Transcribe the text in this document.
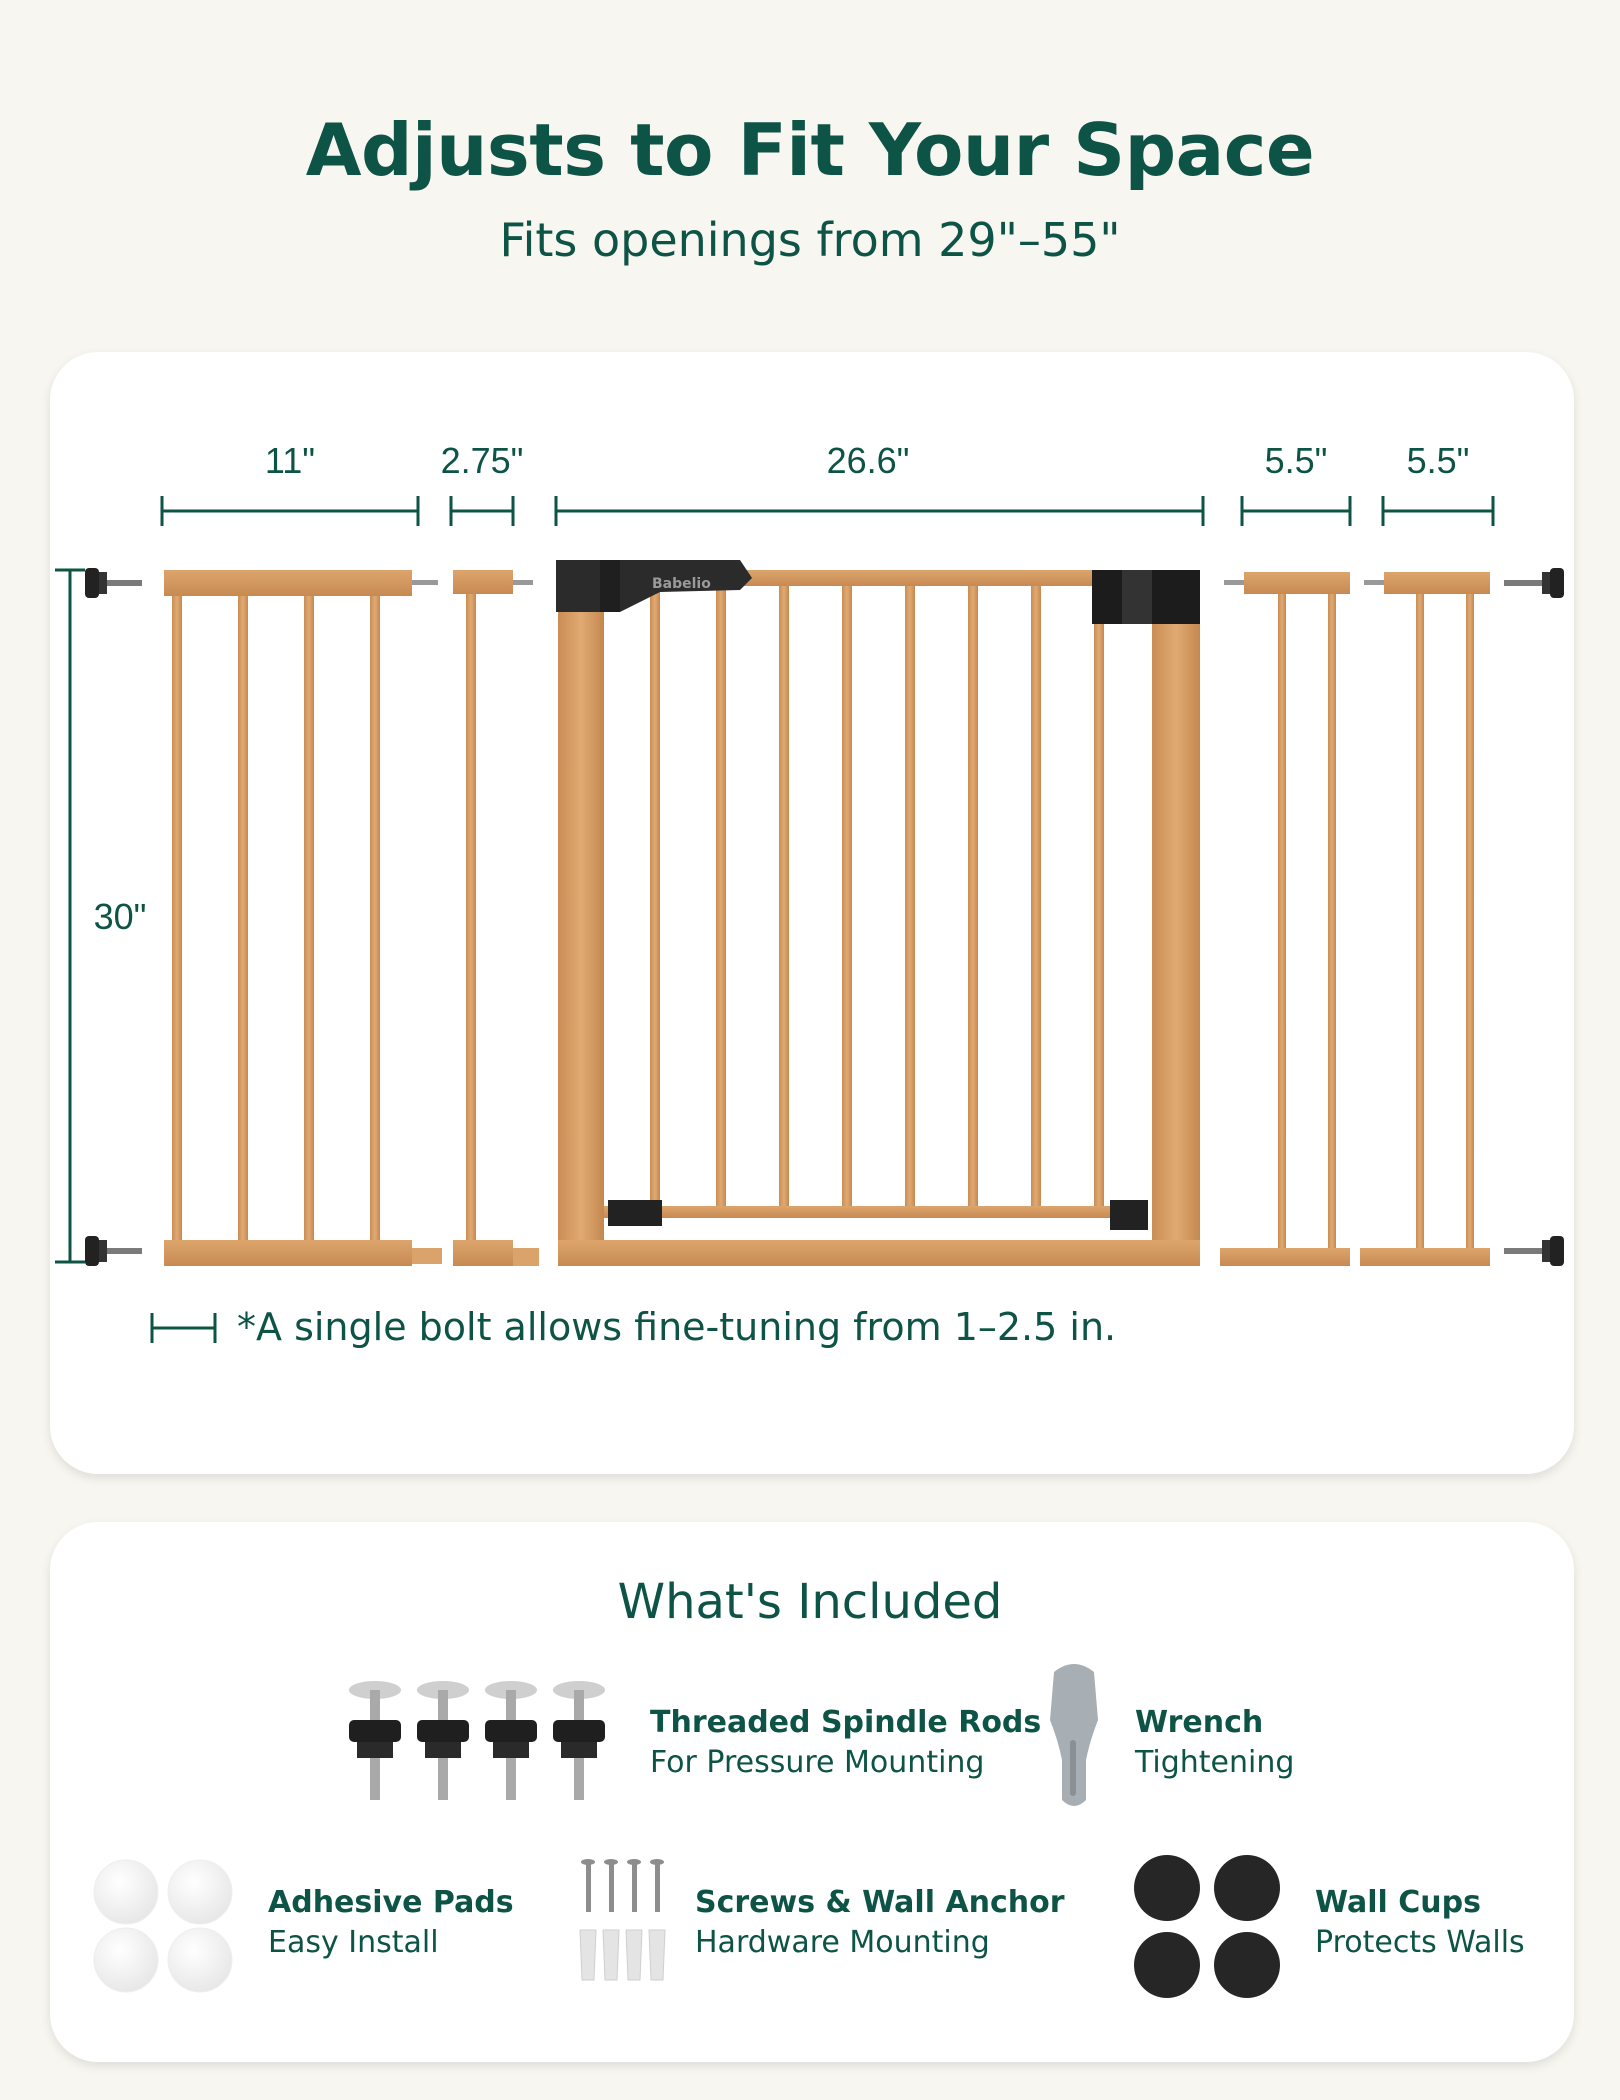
Adjusts to Fit Your Space
Fits openings from 29"–55"
Babelio
11"	2.75"	26.6"	5.5"	5.5"
30"
*A single bolt allows fine-tuning from 1–2.5 in.
What's Included
Threaded Spindle Rods
For Pressure Mounting
Wrench
Tightening
Adhesive Pads
Easy Install
Screws & Wall Anchor
Hardware Mounting
Wall Cups
Protects Walls
